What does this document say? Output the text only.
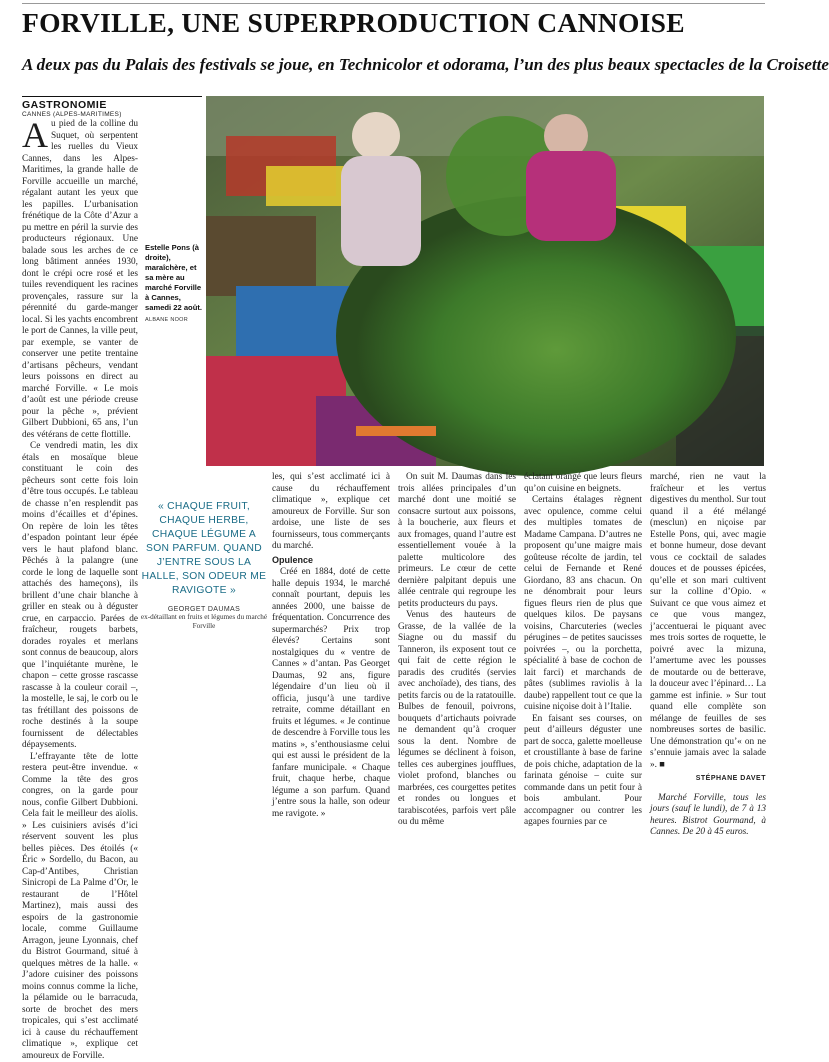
FORVILLE, UNE SUPERPRODUCTION CANNOISE
A deux pas du Palais des festivals se joue, en Technicolor et odorama, l’un des plus beaux spectacles de la Croisette
GASTRONOMIE
CANNES (ALPES-MARITIMES)

Au pied de la colline du Suquet, où serpentent les ruelles du Vieux Cannes, dans les Alpes-Maritimes, la grande halle de Forville accueille un marché, régalant autant les yeux que les papilles. L’urbanisation frénétique de la Côte d’Azur a pu mettre en péril la survie des producteurs régionaux. Une balade sous les arches de ce long bâtiment années 1930, dont le crépi ocre rosé et les tuiles revendiquent les racines provençales, rassure sur la pérennité du garde-manger local. Si les yachts encombrent le port de Cannes, la ville peut, par exemple, se vanter de conserver une petite trentaine d’artisans pêcheurs, vendant leurs poissons en direct au marché Forville. « Le mois d’août est une période creuse pour la pêche », prévient Gilbert Dubbioni, 65 ans, l’un des vétérans de cette flottille.

Ce vendredi matin, les dix étals en mosaïque bleue constituant le coin des pêcheurs sont cette fois loin d’être tous occupés. Le tableau de chasse n’en resplendit pas moins d’écailles et d’épines. On repère de loin les têtes d’espadon pointant leur épée vers le haut plafond blanc. Pêchés à la palangre (une corde le long de laquelle sont attachés des hameçons), ils brillent d’une chair blanche à griller en steak ou à déguster crue, en carpaccio. Parées de fraîcheur, rougets barbets, dorades royales et merlans sont connus de beaucoup, alors que l’inquiétante murène, le chapon – cette grosse rascasse rascasse à la couleur corail –, la mostelle, le saj, le corb ou le tas frétillant des poissons de roche destinés à la soupe fournissent de délectables dépaysements.

L’effrayante tête de lotte restera peut-être invendue. « Comme la tête des gros congres, on la garde pour nous, confie Gilbert Dubbioni. Cela fait le meilleur des aïolis. » Les cuisiniers avisés d’ici réservent souvent les plus belles pièces. Des étoilés (« Éric » Sordello, du Bacon, au Cap-d’Antibes, Christian Sinicropi de La Palme d’Or, le restaurant de l’Hôtel Martinez), mais aussi des espoirs de la gastronomie locale, comme Guillaume Arragon, jeune Lyonnais, chef du Bistrot Gourmand, situé à quelques mètres de la halle. « J’adore cuisiner des poissons moins connus comme la liche, la pélamide ou le barracuda, sorte de brochet des mers tropicales, qui s’est acclimaté ici à cause du réchauffement climatique », explique cet amoureux de Forville.

Estelle Pons (à droite), maraîchère, et sa mère au marché Forville à Cannes, samedi 22 août.
ALBANE NOOR
« CHAQUE FRUIT, CHAQUE HERBE, CHAQUE LÉGUME A SON PARFUM. QUAND J’ENTRE SOUS LA HALLE, SON ODEUR ME RAVIGOTE »
GEORGET DAUMAS
ex-détaillant en fruits et légumes du marché Forville

les, qui s’est acclimaté ici à cause du réchauffement climatique », explique cet amoureux de Forville. Sur son ardoise, une liste de ses fournisseurs, tous commerçants du marché.

Opulence

Créé en 1884, doté de cette halle depuis 1934, le marché connaît pourtant, depuis les années 2000, une baisse de fréquentation. Concurrence des supermarchés? Prix trop élevés? Certains sont nostalgiques du « ventre de Cannes » d’antan. Pas Georget Daumas, 92 ans, figure légendaire d’un lieu où il officia, jusqu’à une tardive retraite, comme détaillant en fruits et légumes. « Je continue de descendre à Forville tous les matins », s’enthousiasme celui qui est aussi le président de la fanfare municipale. « Chaque fruit, chaque herbe, chaque légume a son parfum. Quand j’entre sous la halle, son odeur me ravigote. »

On suit M. Daumas dans les trois allées principales d’un marché dont une moitié se consacre surtout aux poissons, à la boucherie, aux fleurs et aux fromages, quand l’autre est essentiellement vouée à la palette multicolore des primeurs. Le cœur de cette dernière palpitant depuis une allée centrale qui regroupe les petits producteurs du pays.

Venus des hauteurs de Grasse, de la vallée de la Siagne ou du massif du Tanneron, ils exposent tout ce qui fait de cette région le paradis des crudités (servies avec anchoïade), des tians, des petits farcis ou de la ratatouille. Bulbes de fenouil, poivrons, bouquets d’artichauts poivrade ne demandent qu’à croquer sous la dent. Nombre de légumes se déclinent à foison, telles ces aubergines joufflues, violet profond, blanches ou marbrées, ces courgettes petites et rondes ou longues et tarabiscotées, parfois vert pâle ou du même

éclatant orangé que leurs fleurs qu’on cuisine en beignets.

Certains étalages règnent avec opulence, comme celui des multiples tomates de Madame Campana. D’autres ne proposent qu’une maigre mais goûteuse récolte de jardin, tel celui de Fernande et René Giordano, 83 ans chacun. On ne dénombrait pour leurs figues fleurs rien de plus que quelques kilos. De paysans voisins, Charcuteries (wecles pérugines – de petites saucisses poivrées –, ou la porchetta, spécialité à base de cochon de lait farci) et marchands de pâtes (sublimes raviolis à la daube) rappellent tout ce que la cuisine niçoise doit à l’Italie.

En faisant ses courses, on peut d’ailleurs déguster une part de socca, galette moelleuse et croustillante à base de farine de pois chiche, adaptation de la farinata génoise – cuite sur commande dans un petit four à bois ambulant. Pour accompagner ou contrer les agapes fournies par ce

marché, rien ne vaut la fraîcheur et les vertus digestives du menthol. Sur tout quand il a été mélangé (mesclun) en niçoise par Estelle Pons, qui, avec magie et bonne humeur, dose devant vous ce cocktail de salades douces et de pousses épicées, qu’elle et son mari cultivent sur la colline d’Opio. « Suivant ce que vous aimez et ce que vous mangez, j’accentuerai le piquant avec mes trois sortes de roquette, le poivré avec la mizuna, l’amertume avec les pousses de moutarde ou de betterave, la douceur avec l’épinard… La gamme est infinie. » Sur tout quand elle complète son mélange de feuilles de ses nombreuses sortes de basilic. Une démonstration qu’« on ne s’ennuie jamais avec la salade ». ■

STÉPHANE DAVET

Marché Forville, tous les jours (sauf le lundi), de 7 à 13 heures. Bistrot Gourmand, à Cannes. De 20 à 45 euros.
